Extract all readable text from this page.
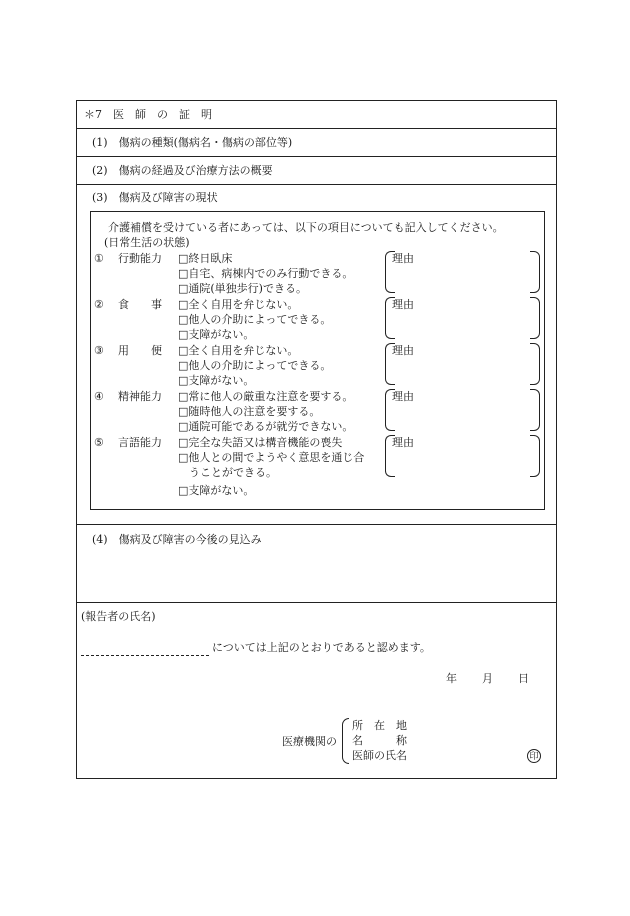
＊7　医　師　の　証　明
(1)　傷病の種類(傷病名・傷病の部位等)
(2)　傷病の経過及び治療方法の概要
(3)　傷病及び障害の現状
介護補償を受けている者にあっては、以下の項目についても記入してください。
(日常生活の状態)
① 行動能力 □終日臥床
□自宅、病棟内でのみ行動できる。
□通院(単独歩行)できる。
理由
② 食　　事 □全く自用を弁じない。
□他人の介助によってできる。
□支障がない。
理由
③ 用　　便 □全く自用を弁じない。
□他人の介助によってできる。
□支障がない。
理由
④ 精神能力 □常に他人の厳重な注意を要する。
□随時他人の注意を要する。
□通院可能であるが就労できない。
理由
⑤ 言語能力 □完全な失語又は構音機能の喪失
□他人との間でようやく意思を通じ合
　うことができる。
□支障がない。
理由
(4)　傷病及び障害の今後の見込み
(報告者の氏名)
については上記のとおりであると認めます。
年 月 日
医療機関の
所　在　地
名　　　称
医師の氏名	印
